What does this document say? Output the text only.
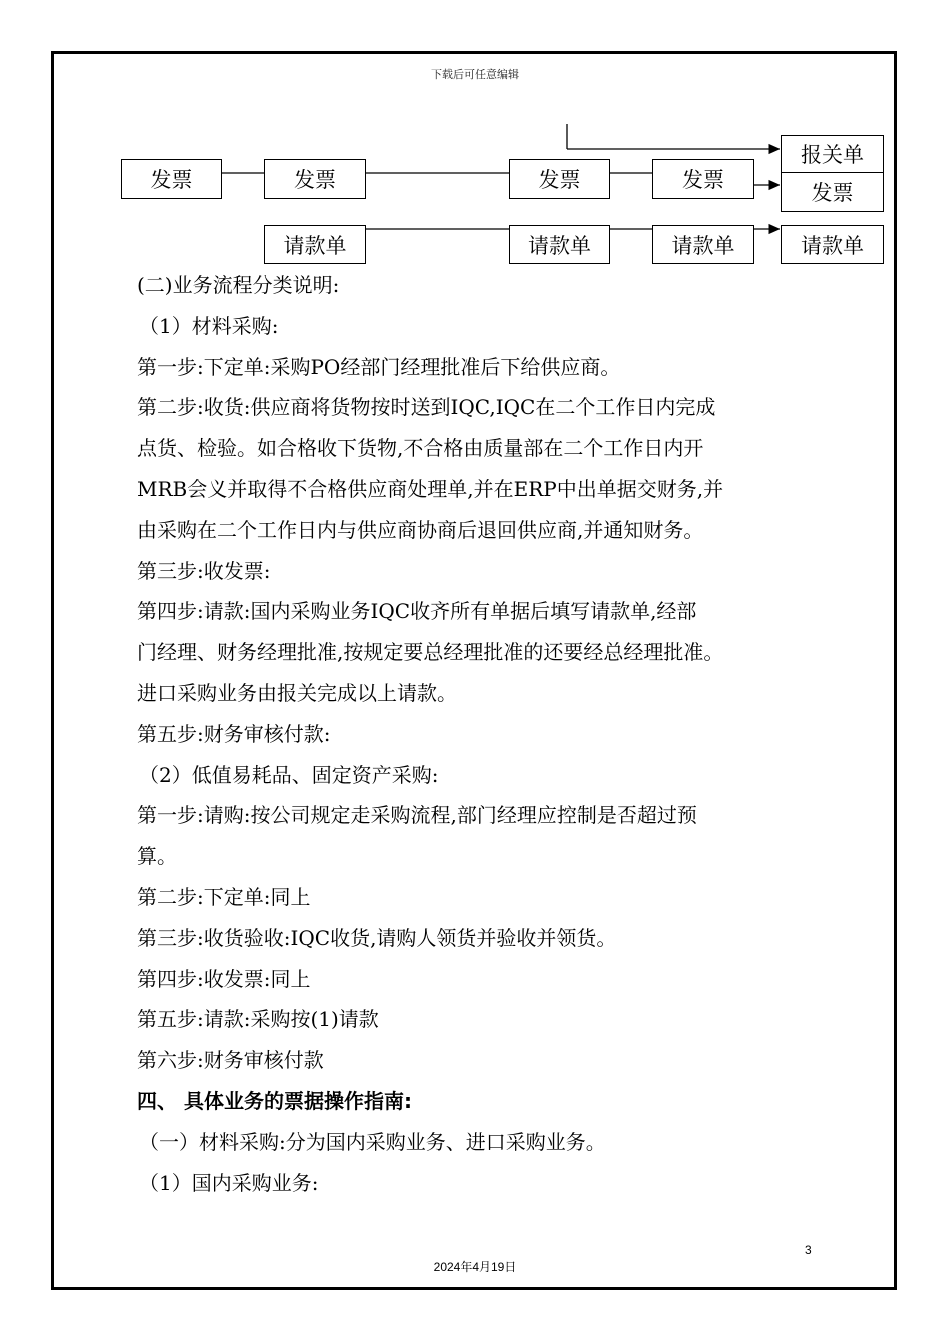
下载后可任意编辑
发票	发票	发票	发票
报关单
发票
请款单	请款单	请款单	请款单
(二)业务流程分类说明:
（1）材料采购:
第一步:下定单:采购PO经部门经理批准后下给供应商。
第二步:收货:供应商将货物按时送到IQC,IQC在二个工作日内完成
点货、检验。如合格收下货物,不合格由质量部在二个工作日内开
MRB会义并取得不合格供应商处理单,并在ERP中出单据交财务,并
由采购在二个工作日内与供应商协商后退回供应商,并通知财务。
第三步:收发票:
第四步:请款:国内采购业务IQC收齐所有单据后填写请款单,经部
门经理、财务经理批准,按规定要总经理批准的还要经总经理批准。
进口采购业务由报关完成以上请款。
第五步:财务审核付款:
（2）低值易耗品、固定资产采购:
第一步:请购:按公司规定走采购流程,部门经理应控制是否超过预
算。
第二步:下定单:同上
第三步:收货验收:IQC收货,请购人领货并验收并领货。
第四步:收发票:同上
第五步:请款:采购按(1)请款
第六步:财务审核付款
四、 具体业务的票据操作指南:
（一）材料采购:分为国内采购业务、进口采购业务。
（1）国内采购业务:
3
2024年4月19日
